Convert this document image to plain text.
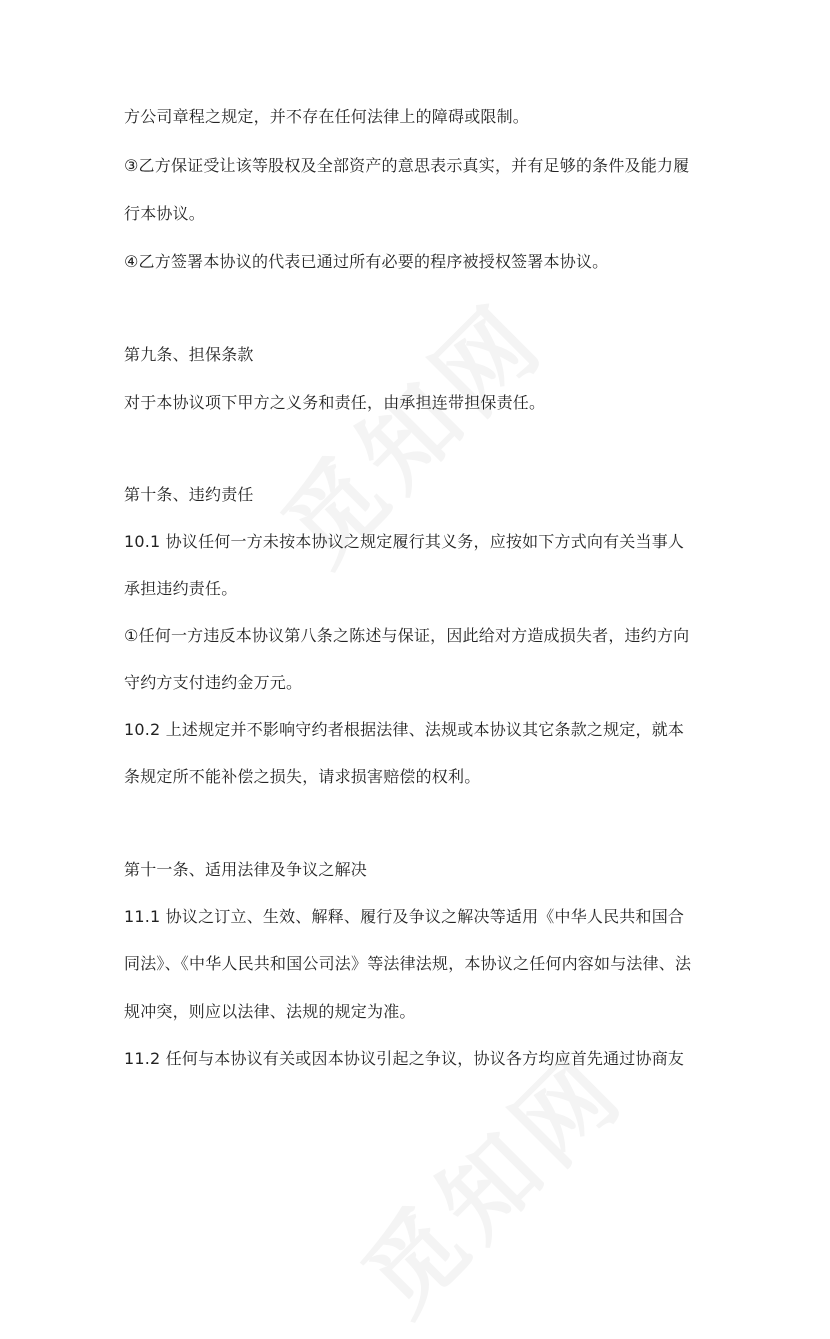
方公司章程之规定，并不存在任何法律上的障碍或限制。
③乙方保证受让该等股权及全部资产的意思表示真实，并有足够的条件及能力履
行本协议。
④乙方签署本协议的代表已通过所有必要的程序被授权签署本协议。
第九条、担保条款
对于本协议项下甲方之义务和责任，由承担连带担保责任。
第十条、违约责任
10.1 协议任何一方未按本协议之规定履行其义务，应按如下方式向有关当事人
承担违约责任。
①任何一方违反本协议第八条之陈述与保证，因此给对方造成损失者，违约方向
守约方支付违约金万元。
10.2 上述规定并不影响守约者根据法律、法规或本协议其它条款之规定，就本
条规定所不能补偿之损失，请求损害赔偿的权利。
第十一条、适用法律及争议之解决
11.1 协议之订立、生效、解释、履行及争议之解决等适用《中华人民共和国合
同法》、《中华人民共和国公司法》等法律法规，本协议之任何内容如与法律、法
规冲突，则应以法律、法规的规定为准。
11.2 任何与本协议有关或因本协议引起之争议，协议各方均应首先通过协商友
